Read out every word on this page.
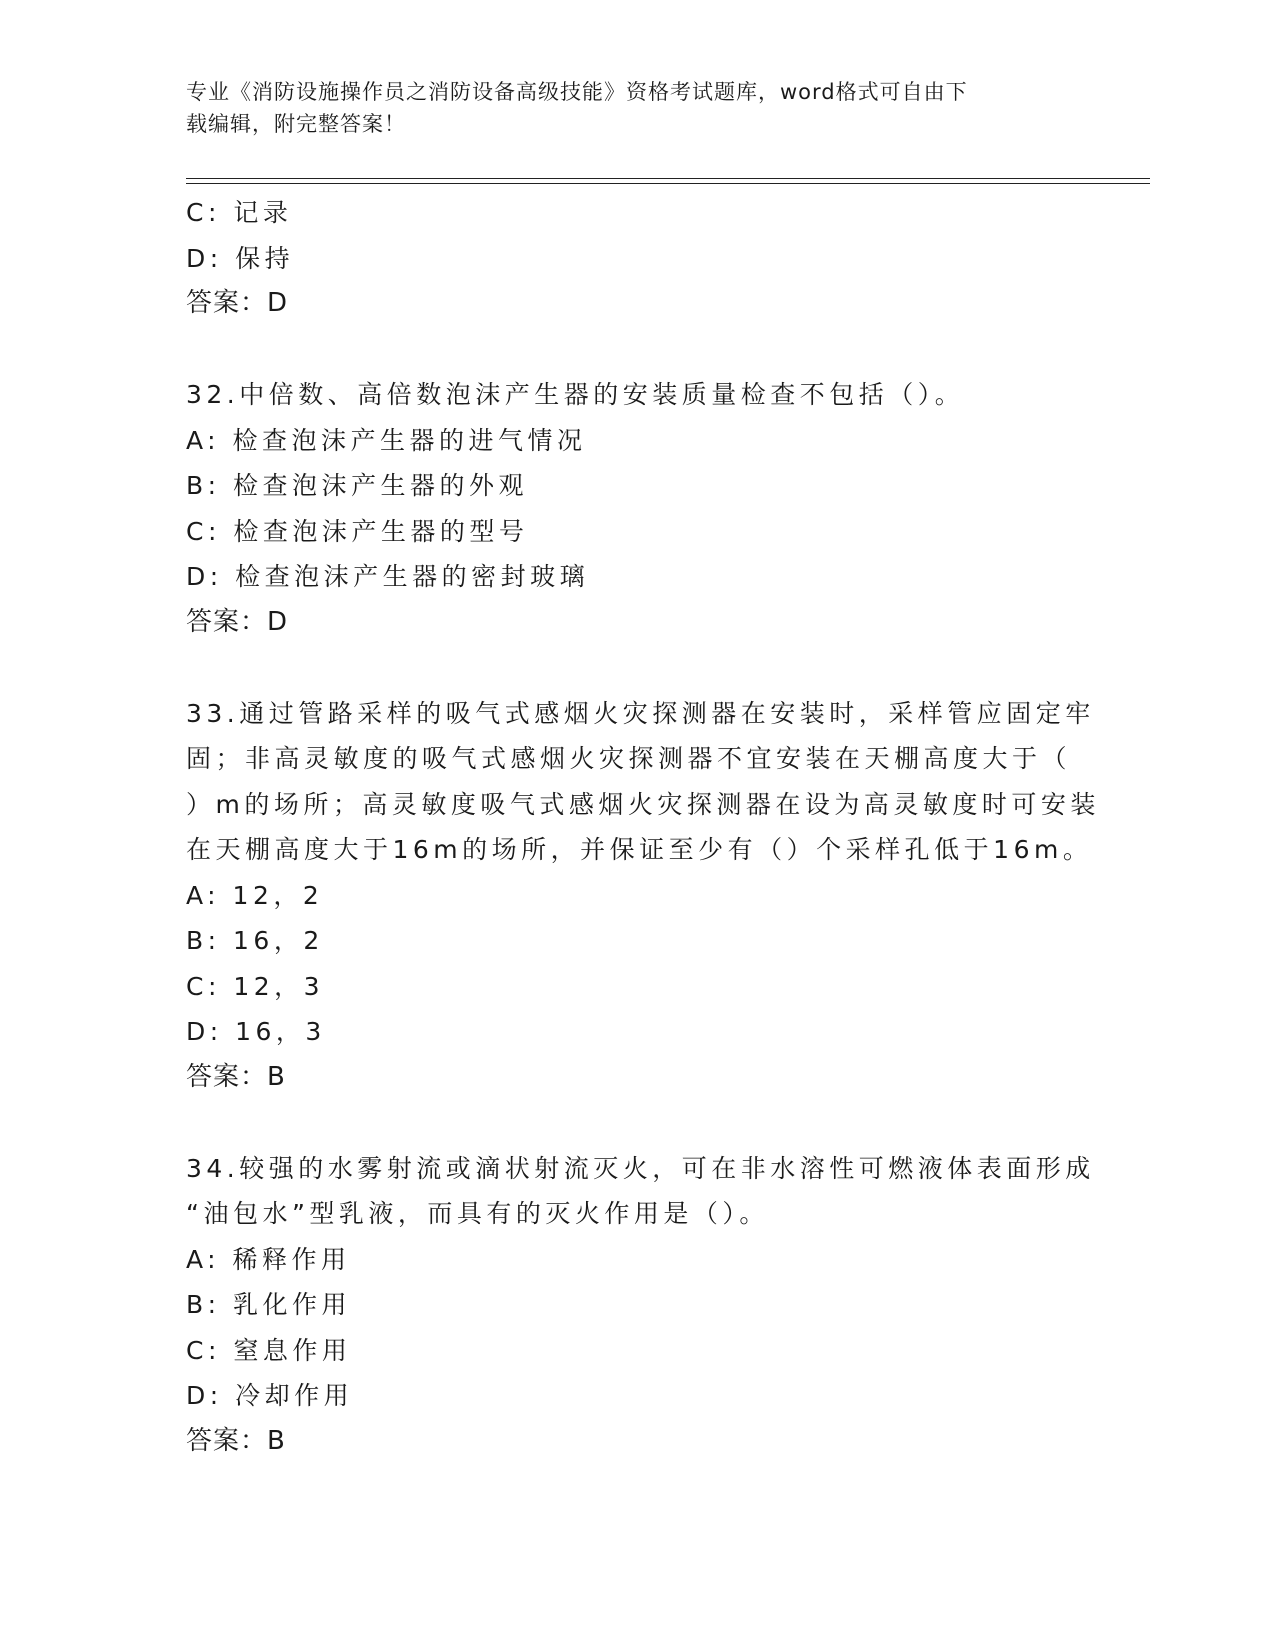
专业《消防设施操作员之消防设备高级技能》资格考试题库，word格式可自由下
载编辑，附完整答案！
C: 记录
D: 保持
答案：D
32.中倍数、高倍数泡沫产生器的安装质量检查不包括（）。
A: 检查泡沫产生器的进气情况
B: 检查泡沫产生器的外观
C: 检查泡沫产生器的型号
D: 检查泡沫产生器的密封玻璃
答案：D
33.通过管路采样的吸气式感烟火灾探测器在安装时，采样管应固定牢
固；非高灵敏度的吸气式感烟火灾探测器不宜安装在天棚高度大于（
）m的场所；高灵敏度吸气式感烟火灾探测器在设为高灵敏度时可安装
在天棚高度大于16m的场所，并保证至少有（）个采样孔低于16m。
A: 12，2
B: 16，2
C: 12，3
D: 16，3
答案：B
34.较强的水雾射流或滴状射流灭火，可在非水溶性可燃液体表面形成
“油包水”型乳液，而具有的灭火作用是（）。
A: 稀释作用
B: 乳化作用
C: 窒息作用
D: 冷却作用
答案：B
